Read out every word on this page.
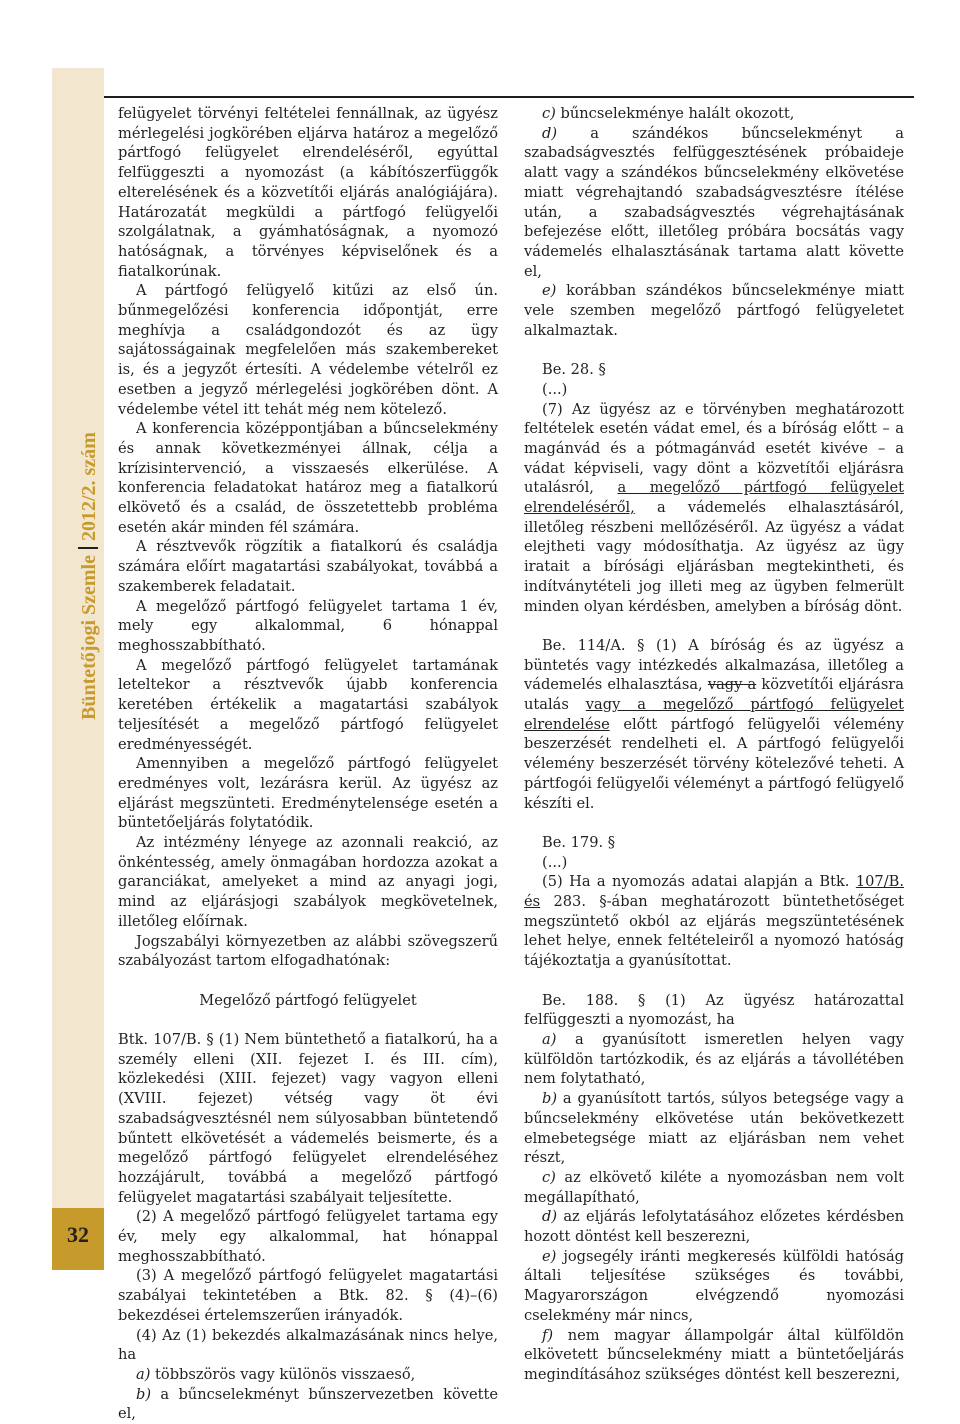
Büntetőjogi Szemle2012/2. szám
32

felügyelet törvényi feltételei fennállnak, az ügyész mérlegelési jogkörében eljárva határoz a megelőző pártfogó felügyelet elrendeléséről, egyúttal felfüggeszti a nyomozást (a kábítószerfüggők elterelésének és a közvetítői eljárás analógiájára). Határozatát megküldi a pártfogó felügyelői szolgálatnak, a gyámhatóságnak, a nyomozó hatóságnak, a törvényes képviselőnek és a fiatalkorúnak.

A pártfogó felügyelő kitűzi az első ún. bűnmegelőzési konferencia időpontját, erre meghívja a családgondozót és az ügy sajátosságainak megfelelően más szakembereket is, és a jegyzőt értesíti. A védelembe vételről ez esetben a jegyző mérlegelési jogkörében dönt. A védelembe vétel itt tehát még nem kötelező.

A konferencia középpontjában a bűncselekmény és annak következményei állnak, célja a krízisintervenció, a visszaesés elkerülése. A konferencia feladatokat határoz meg a fiatalkorú elkövető és a család, de összetettebb probléma esetén akár minden fél számára.

A résztvevők rögzítik a fiatalkorú és családja számára előírt magatartási szabályokat, továbbá a szakemberek feladatait.

A megelőző pártfogó felügyelet tartama 1 év, mely egy alkalommal, 6 hónappal meghosszabbítható.

A megelőző pártfogó felügyelet tartamának leteltekor a résztvevők újabb konferencia keretében értékelik a magatartási szabályok teljesítését a megelőző pártfogó felügyelet eredményességét.

Amennyiben a megelőző pártfogó felügyelet eredményes volt, lezárásra kerül. Az ügyész az eljárást megszünteti. Eredménytelensége esetén a büntetőeljárás folytatódik.

Az intézmény lényege az azonnali reakció, az önkéntesség, amely önmagában hordozza azokat a garanciákat, amelyeket a mind az anyagi jogi, mind az eljárásjogi szabályok megkövetelnek, illetőleg előírnak.

Jogszabályi környezetben az alábbi szövegszerű szabályozást tartom elfogadhatónak:

Megelőző pártfogó felügyelet

Btk. 107/B. § (1) Nem büntethető a fiatalkorú, ha a személy elleni (XII. fejezet I. és III. cím), közlekedési (XIII. fejezet) vagy vagyon elleni (XVIII. fejezet) vétség vagy öt évi szabadságvesztésnél nem súlyosabban büntetendő bűntett elkövetését a vádemelés beismerte, és a megelőző pártfogó felügyelet elrendeléséhez hozzájárult, továbbá a megelőző pártfogó felügyelet magatartási szabályait teljesítette.

(2) A megelőző pártfogó felügyelet tartama egy év, mely egy alkalommal, hat hónappal meghosszabbítható.

(3) A megelőző pártfogó felügyelet magatartási szabályai tekintetében a Btk. 82. § (4)–(6) bekezdései értelemszerűen irányadók.

(4) Az (1) bekezdés alkalmazásának nincs helye, ha

a) többszörös vagy különös visszaeső,

b) a bűncselekményt bűnszervezetben követte el,

c) bűncselekménye halált okozott,

d) a szándékos bűncselekményt a szabadságvesztés felfüggesztésének próbaideje alatt vagy a szándékos bűncselekmény elkövetése miatt végrehajtandó szabadságvesztésre ítélése után, a szabadságvesztés végrehajtásának befejezése előtt, illetőleg próbára bocsátás vagy vádemelés elhalasztásának tartama alatt követte el,

e) korábban szándékos bűncselekménye miatt vele szemben megelőző pártfogó felügyeletet alkalmaztak.

Be. 28. §

(...)

(7) Az ügyész az e törvényben meghatározott feltételek esetén vádat emel, és a bíróság előtt – a magánvád és a pótmagánvád esetét kivéve – a vádat képviseli, vagy dönt a közvetítői eljárásra utalásról, a megelőző pártfogó felügyelet elrendeléséről, a vádemelés elhalasztásáról, illetőleg részbeni mellőzéséről. Az ügyész a vádat elejtheti vagy módosíthatja. Az ügyész az ügy iratait a bírósági eljárásban megtekintheti, és indítványtételi jog illeti meg az ügyben felmerült minden olyan kérdésben, amelyben a bíróság dönt.

Be. 114/A. § (1) A bíróság és az ügyész a büntetés vagy intézkedés alkalmazása, illetőleg a vádemelés elhalasztása, vagy a közvetítői eljárásra utalás vagy a megelőző pártfogó felügyelet elrendelése előtt pártfogó felügyelői vélemény beszerzését rendelheti el. A pártfogó felügyelői vélemény beszerzését törvény kötelezővé teheti. A pártfogói felügyelői véleményt a pártfogó felügyelő készíti el.

Be. 179. §

(...)

(5) Ha a nyomozás adatai alapján a Btk. 107/B. és 283. §-ában meghatározott büntethetőséget megszüntető okból az eljárás megszüntetésének lehet helye, ennek feltételeiről a nyomozó hatóság tájékoztatja a gyanúsítottat.

Be. 188. § (1) Az ügyész határozattal felfüggeszti a nyomozást, ha

a) a gyanúsított ismeretlen helyen vagy külföldön tartózkodik, és az eljárás a távollétében nem folytatható,

b) a gyanúsított tartós, súlyos betegsége vagy a bűncselekmény elkövetése után bekövetkezett elmebetegsége miatt az eljárásban nem vehet részt,

c) az elkövető kiléte a nyomozásban nem volt megállapítható,

d) az eljárás lefolytatásához előzetes kérdésben hozott döntést kell beszerezni,

e) jogsegély iránti megkeresés külföldi hatóság általi teljesítése szükséges és további, Magyarországon elvégzendő nyomozási cselekmény már nincs,

f) nem magyar állampolgár által külföldön elkövetett bűncselekmény miatt a büntetőeljárás megindításához szükséges döntést kell beszerezni,
